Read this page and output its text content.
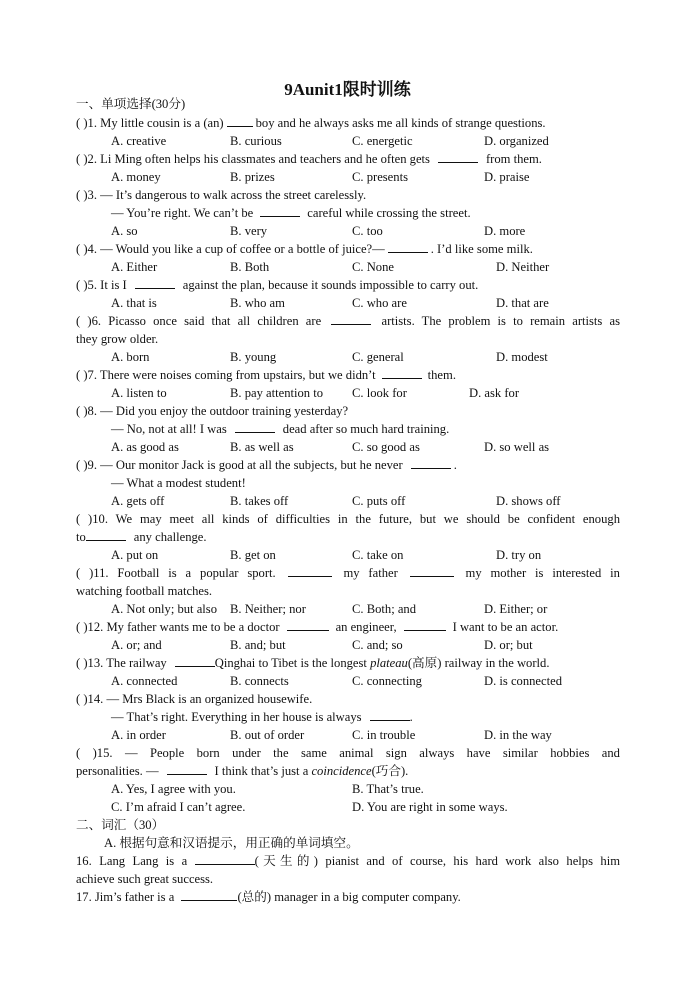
9Aunit1限时训练
一、单项选择(30分)
( )1. My little cousin is a (an)	boy and he always asks me all kinds of strange questions.
A. creative	B. curious	C. energetic	D. organized
( )2. Li Ming often helps his classmates and teachers and he often gets	from them.
A. money	B. prizes	C. presents	D. praise
( )3. — It’s dangerous to walk across the street carelessly.
— You’re right. We can’t be	careful while crossing the street.
A. so	B. very	C. too	D. more
( )4. — Would you like a cup of coffee or a bottle of juice?—	. I’d like some milk.
A. Either	B. Both	C. None	D. Neither
( )5. It is I	against the plan, because it sounds impossible to carry out.
A. that is	B. who am	C. who are	D. that are
( )6. Picasso once said that all children are	artists. The problem is to remain artists as
they grow older.
A. born	B. young	C. general	D. modest
( )7. There were noises coming from upstairs, but we didn’t	them.
A. listen to	B. pay attention to C. look for	D. ask for
( )8. — Did you enjoy the outdoor training yesterday?
— No, not at all! I was	dead after so much hard training.
A. as good as	B. as well as	C. so good as	D. so well as
( )9. — Our monitor Jack is good at all the subjects, but he never	.
— What a modest student!
A. gets off	B. takes off	C. puts off	D. shows off
( )10. We may meet all kinds of difficulties in the future, but we should be confident enough
to	any challenge.
A. put on	B. get on	C. take on	D. try on
( )11. Football is a popular sport.	my father	my mother is interested in
watching football matches.
A. Not only; but also B. Neither; nor	C. Both; and	D. Either; or
( )12. My father wants me to be a doctor	an engineer,	I want to be an actor.
A. or; and	B. and; but	C. and; so	D. or; but
( )13. The railway	Qinghai to Tibet is the longest plateau(高原) railway in the world.
A. connected	B. connects	C. connecting	D. is connected
( )14. — Mrs Black is an organized housewife.
— That’s right. Everything in her house is always	.
A. in order	B. out of order	C. in trouble	D. in the way
( )15. — People born under the same animal sign always have similar hobbies and
personalities. —	I think that’s just a coincidence(巧合).
A. Yes, I agree with you.	B. That’s true.
C. I’m afraid I can’t agree.	D. You are right in some ways.
二、词汇（30）
A. 根据句意和汉语提示，用正确的单词填空。
16. Lang Lang is a	(天生的) pianist and of course, his hard work also helps him
achieve such great success.
17. Jim’s father is a	(总的) manager in a big computer company.
